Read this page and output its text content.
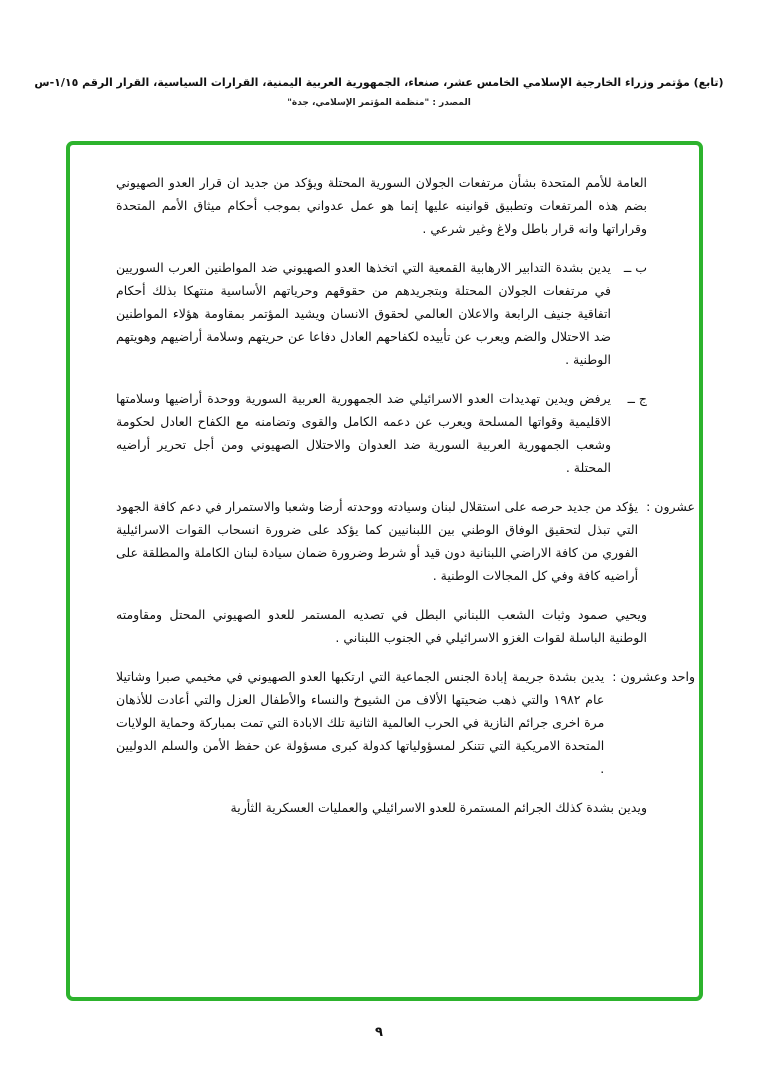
(تابع) مؤتمر وزراء الخارجية الإسلامي الخامس عشر، صنعاء، الجمهورية العربية اليمنية، القرارات السياسية، القرار الرقم ١/١٥-س
المصدر : "منظمة المؤتمر الإسلامي، جدة"

العامة للأمم المتحدة بشأن مرتفعات الجولان السورية المحتلة ويؤكد من جديد ان قرار العدو الصهيوني بضم هذه المرتفعات وتطبيق قوانينه عليها إنما هو عمل عدواني بموجب أحكام ميثاق الأمم المتحدة وقراراتها وانه قرار باطل ولاغ وغير شرعي .

ب ــ
يدين بشدة التدابير الارهابية القمعية التي اتخذها العدو الصهيوني ضد المواطنين العرب السوريين في مرتفعات الجولان المحتلة وبتجريدهم من حقوقهم وحرياتهم الأساسية منتهكا بذلك أحكام اتفاقية جنيف الرابعة والاعلان العالمي لحقوق الانسان ويشيد المؤتمر بمقاومة هؤلاء المواطنين ضد الاحتلال والضم ويعرب عن تأييده لكفاحهم العادل دفاعا عن حريتهم وسلامة أراضيهم وهويتهم الوطنية .
ج ــ
يرفض ويدين تهديدات العدو الاسرائيلي ضد الجمهورية العربية السورية ووحدة أراضيها وسلامتها الاقليمية وقواتها المسلحة ويعرب عن دعمه الكامل والقوى وتضامنه مع الكفاح العادل لحكومة وشعب الجمهورية العربية السورية ضد العدوان والاحتلال الصهيوني ومن أجل تحرير أراضيه المحتلة .
عشرون :
يؤكد من جديد حرصه على استقلال لبنان وسيادته ووحدته أرضا وشعبا والاستمرار في دعم كافة الجهود التي تبذل لتحقيق الوفاق الوطني بين اللبنانيين كما يؤكد على ضرورة انسحاب القوات الاسرائيلية الفوري من كافة الاراضي اللبنانية دون قيد أو شرط وضرورة ضمان سيادة لبنان الكاملة والمطلقة على أراضيه كافة وفي كل المجالات الوطنية .

ويحيي صمود وثبات الشعب اللبناني البطل في تصديه المستمر للعدو الصهيوني المحتل ومقاومته الوطنية الباسلة لقوات الغزو الاسرائيلي في الجنوب اللبناني .

واحد وعشرون :
يدين بشدة جريمة إبادة الجنس الجماعية التي ارتكبها العدو الصهيوني في مخيمي صبرا وشاتيلا عام ١٩٨٢ والتي ذهب ضحيتها الألاف من الشيوخ والنساء والأطفال العزل والتي أعادت للأذهان مرة اخرى جرائم النازية في الحرب العالمية الثانية تلك الابادة التي تمت بمباركة وحماية الولايات المتحدة الامريكية التي تتنكر لمسؤولياتها كدولة كبرى مسؤولة عن حفظ الأمن والسلم الدوليين .

ويدين بشدة كذلك الجرائم المستمرة للعدو الاسرائيلي والعمليات العسكرية الثأرية

٩
